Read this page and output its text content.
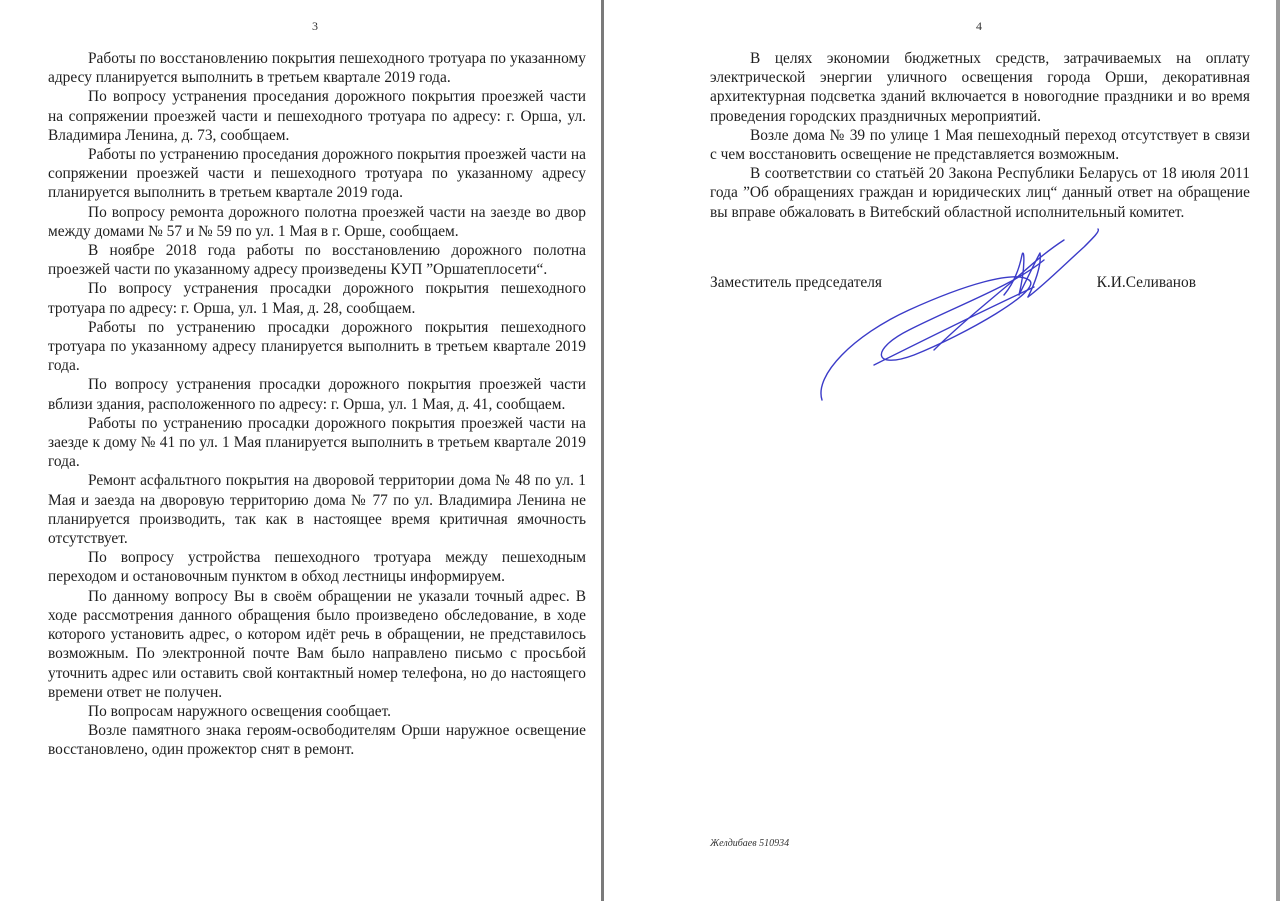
3

Работы по восстановлению покрытия пешеходного тротуара по указанному адресу планируется выполнить в третьем квартале 2019 года.

По вопросу устранения проседания дорожного покрытия проезжей части на сопряжении проезжей части и пешеходного тротуара по адресу: г. Орша, ул. Владимира Ленина, д. 73, сообщаем.

Работы по устранению проседания дорожного покрытия проезжей части на сопряжении проезжей части и пешеходного тротуара по указанному адресу планируется выполнить в третьем квартале 2019 года.

По вопросу ремонта дорожного полотна проезжей части на заезде во двор между домами № 57 и № 59 по ул. 1 Мая в г. Орше, сообщаем.

В ноябре 2018 года работы по восстановлению дорожного полотна проезжей части по указанному адресу произведены КУП ”Оршатеплосети“.

По вопросу устранения просадки дорожного покрытия пешеходного тротуара по адресу: г. Орша, ул. 1 Мая, д. 28, сообщаем.

Работы по устранению просадки дорожного покрытия пешеходного тротуара по указанному адресу планируется выполнить в третьем квартале 2019 года.

По вопросу устранения просадки дорожного покрытия проезжей части вблизи здания, расположенного по адресу: г. Орша, ул. 1 Мая, д. 41, сообщаем.

Работы по устранению просадки дорожного покрытия проезжей части на заезде к дому № 41 по ул. 1 Мая планируется выполнить в третьем квартале 2019 года.

Ремонт асфальтного покрытия на дворовой территории дома № 48 по ул. 1 Мая и заезда на дворовую территорию дома № 77 по ул. Владимира Ленина не планируется производить, так как в настоящее время критичная ямочность отсутствует.

По вопросу устройства пешеходного тротуара между пешеходным переходом и остановочным пунктом в обход лестницы информируем.

По данному вопросу Вы в своём обращении не указали точный адрес. В ходе рассмотрения данного обращения было произведено обследование, в ходе которого установить адрес, о котором идёт речь в обращении, не представилось возможным. По электронной почте Вам было направлено письмо с просьбой уточнить адрес или оставить свой контактный номер телефона, но до настоящего времени ответ не получен.

По вопросам наружного освещения сообщает.

Возле памятного знака героям-освободителям Орши наружное освещение восстановлено, один прожектор снят в ремонт.

4

В целях экономии бюджетных средств, затрачиваемых на оплату электрической энергии уличного освещения города Орши, декоративная архитектурная подсветка зданий включается в новогодние праздники и во время проведения городских праздничных мероприятий.

Возле дома № 39 по улице 1 Мая пешеходный переход отсутствует в связи с чем восстановить освещение не представляется возможным.

В соответствии со статьёй 20 Закона Республики Беларусь от 18 июля 2011 года ”Об обращениях граждан и юридических лиц“ данный ответ на обращение вы вправе обжаловать в Витебский областной исполнительный комитет.

Заместитель председателя	К.И.Селиванов
Желдибаев 510934
